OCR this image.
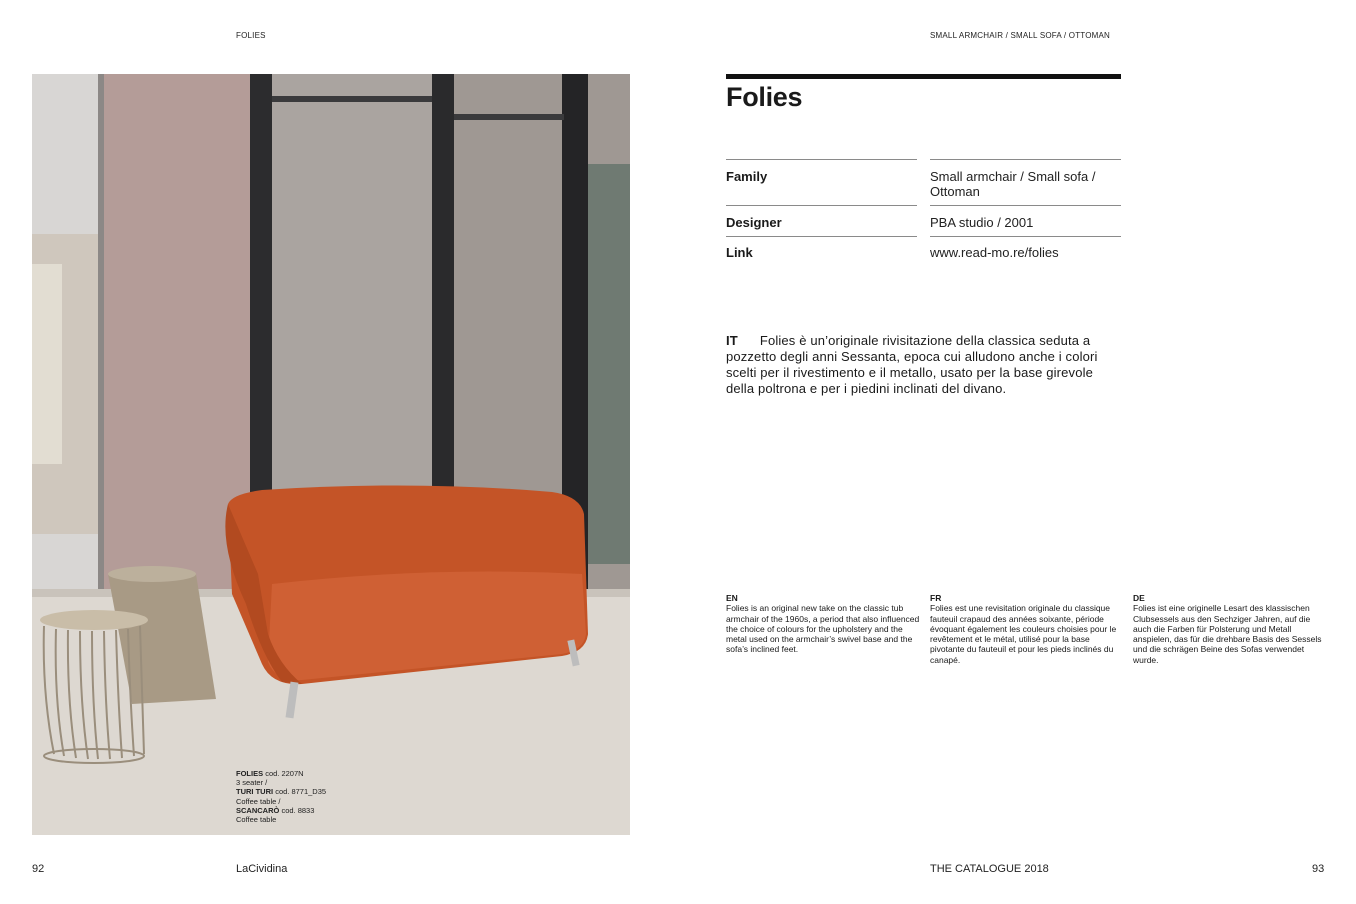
FOLIES	SMALL ARMCHAIR / SMALL SOFA / OTTOMAN
FOLIES cod. 2207N
3 seater /
TURI TURI cod. 8771_D35
Coffee table /
SCANCARÒ cod. 8833
Coffee table
Folies
Family	Small armchair / Small sofa / Ottoman
Designer	PBA studio / 2001
Link	www.read-mo.re/folies
IT Folies è un’originale rivisitazione della classica seduta a pozzetto degli anni Sessanta, epoca cui alludono anche i colori scelti per il rivestimento e il metallo, usato per la base girevole della poltrona e per i piedini inclinati del divano.
EN
Folies is an original new take on the classic tub armchair of the 1960s, a period that also influenced the choice of colours for the upholstery and the metal used on the armchair’s swivel base and the sofa’s inclined feet.
FR
Folies est une revisitation originale du classique fauteuil crapaud des années soixante, période évoquant également les couleurs choisies pour le revêtement et le métal, utilisé pour la base pivotante du fauteuil et pour les pieds inclinés du canapé.
DE
Folies ist eine originelle Lesart des klassischen Clubsessels aus den Sechziger Jahren, auf die auch die Farben für Polsterung und Metall anspielen, das für die drehbare Basis des Sessels und die schrägen Beine des Sofas verwendet wurde.
92	LaCividina	THE CATALOGUE 2018	93
